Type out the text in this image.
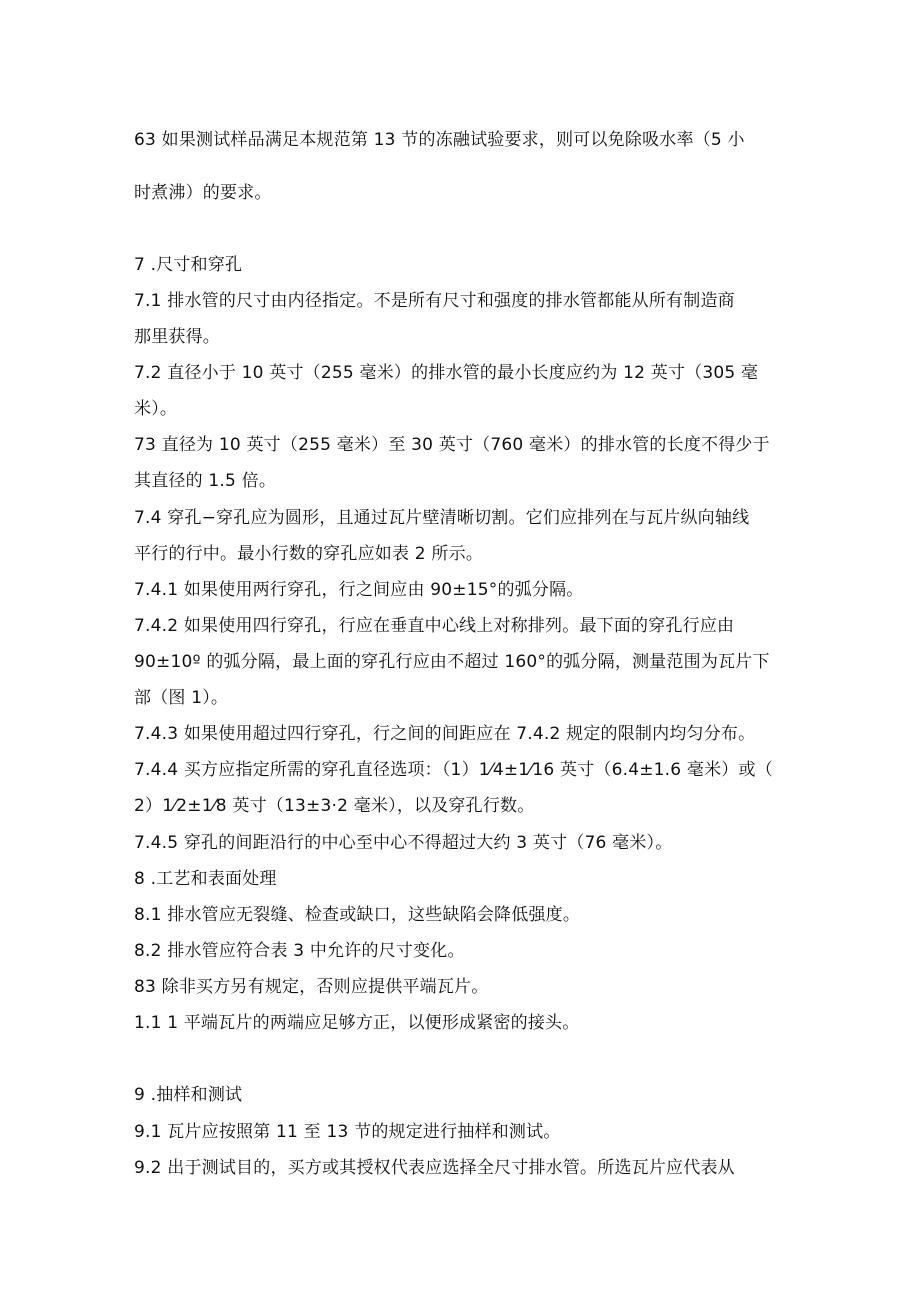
63 如果测试样品满足本规范第 13 节的冻融试验要求，则可以免除吸水率（5 小
时煮沸）的要求。
7 .尺寸和穿孔
7.1 排水管的尺寸由内径指定。不是所有尺寸和强度的排水管都能从所有制造商
那里获得。
7.2 直径小于 10 英寸（255 毫米）的排水管的最小长度应约为 12 英寸（305 毫
米）。
73 直径为 10 英寸（255 毫米）至 30 英寸（760 毫米）的排水管的长度不得少于
其直径的 1.5 倍。
7.4 穿孔−穿孔应为圆形，且通过瓦片壁清晰切割。它们应排列在与瓦片纵向轴线
平行的行中。最小行数的穿孔应如表 2 所示。
7.4.1 如果使用两行穿孔，行之间应由 90±15°的弧分隔。
7.4.2 如果使用四行穿孔，行应在垂直中心线上对称排列。最下面的穿孔行应由
90±10º 的弧分隔，最上面的穿孔行应由不超过 160°的弧分隔，测量范围为瓦片下
部（图 1）。
7.4.3 如果使用超过四行穿孔，行之间的间距应在 7.4.2 规定的限制内均匀分布。
7.4.4 买方应指定所需的穿孔直径选项：（1）1⁄4±1⁄16 英寸（6.4±1.6 毫米）或（
2）1⁄2±1⁄8 英寸（13±3·2 毫米），以及穿孔行数。
7.4.5 穿孔的间距沿行的中心至中心不得超过大约 3 英寸（76 毫米）。
8 .工艺和表面处理
8.1 排水管应无裂缝、检查或缺口，这些缺陷会降低强度。
8.2 排水管应符合表 3 中允许的尺寸变化。
83 除非买方另有规定，否则应提供平端瓦片。
1.1 1 平端瓦片的两端应足够方正，以便形成紧密的接头。
9 .抽样和测试
9.1 瓦片应按照第 11 至 13 节的规定进行抽样和测试。
9.2 出于测试目的，买方或其授权代表应选择全尺寸排水管。所选瓦片应代表从
